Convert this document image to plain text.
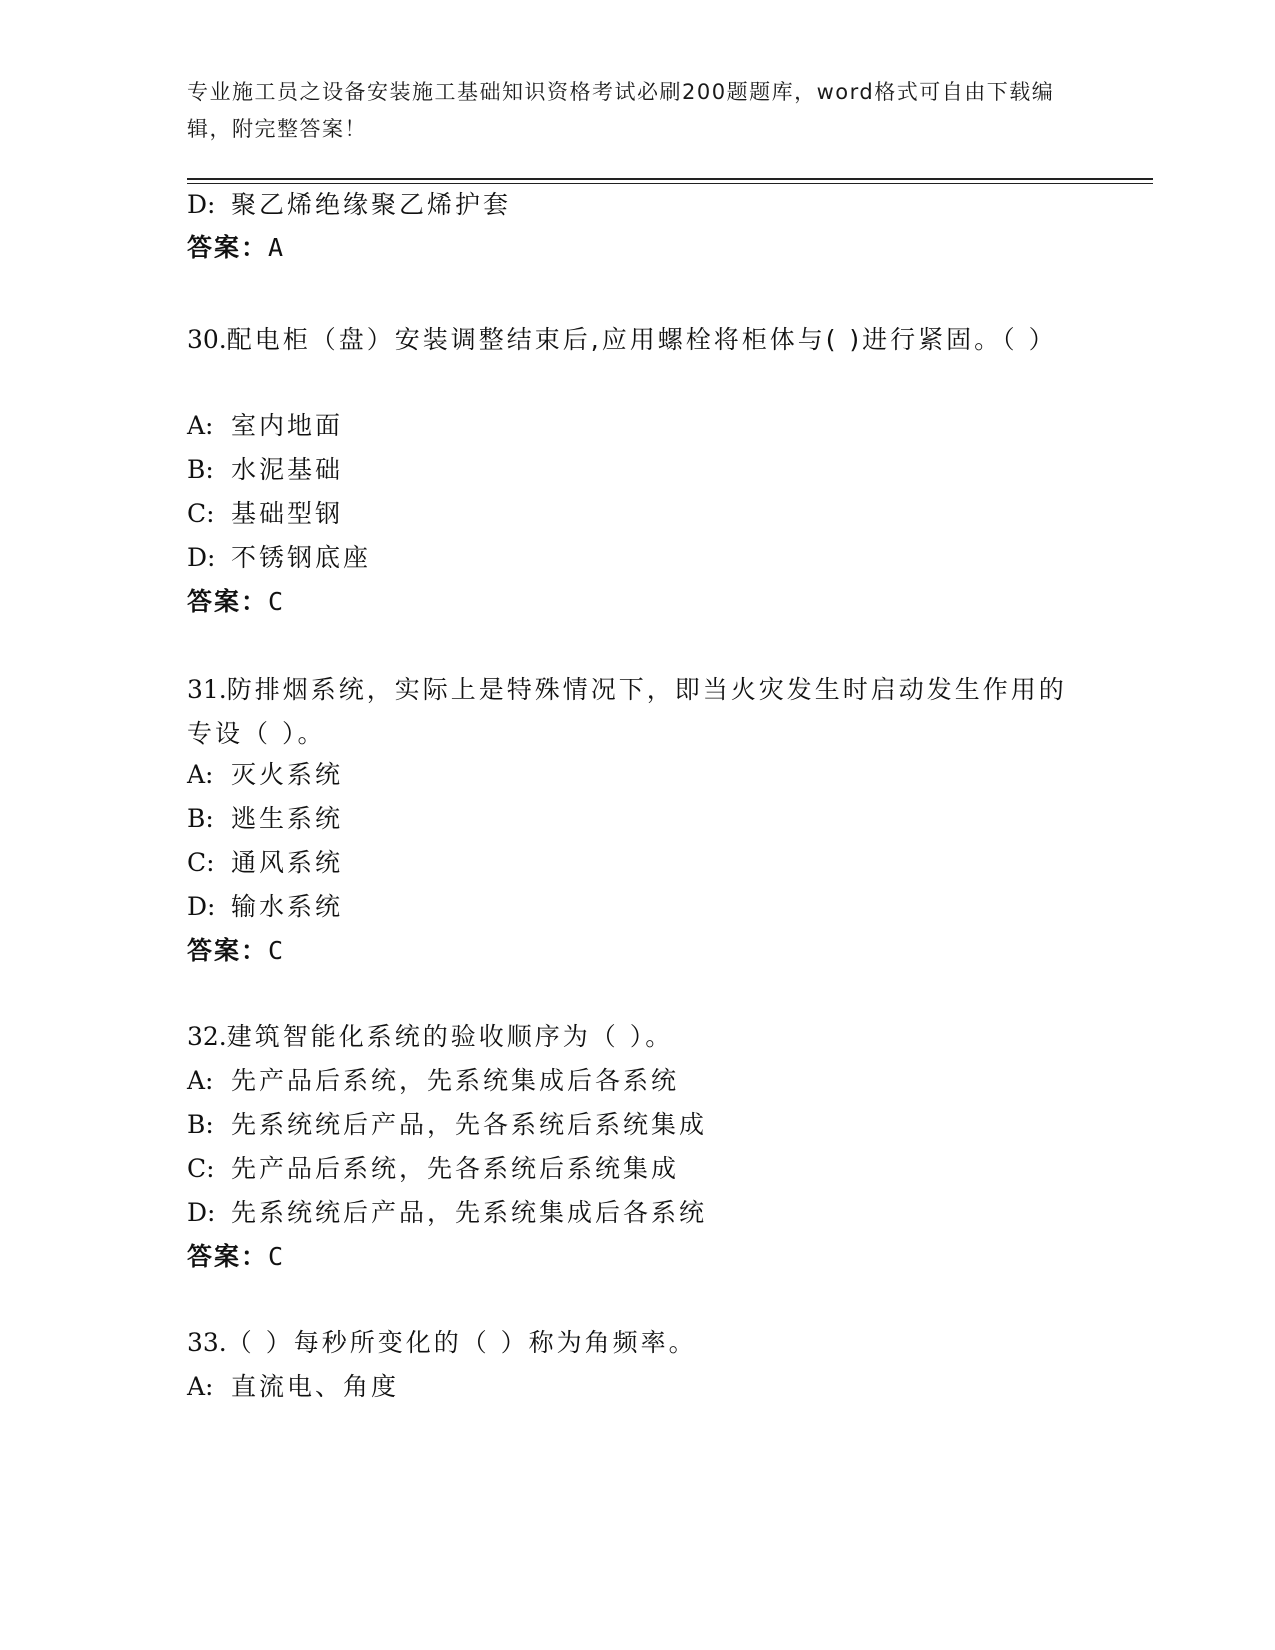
专业施工员之设备安装施工基础知识资格考试必刷200题题库，word格式可自由下载编辑，附完整答案！
D: 聚乙烯绝缘聚乙烯护套
答案：A
30.配电柜（盘）安装调整结束后,应用螺栓将柜体与( )进行紧固。（ ）
A: 室内地面
B: 水泥基础
C: 基础型钢
D: 不锈钢底座
答案：C
31.防排烟系统，实际上是特殊情况下，即当火灾发生时启动发生作用的专设（ ）。
A: 灭火系统
B: 逃生系统
C: 通风系统
D: 输水系统
答案：C
32.建筑智能化系统的验收顺序为（ ）。
A: 先产品后系统，先系统集成后各系统
B: 先系统统后产品，先各系统后系统集成
C: 先产品后系统，先各系统后系统集成
D: 先系统统后产品，先系统集成后各系统
答案：C
33.（ ）每秒所变化的（ ）称为角频率。
A: 直流电、角度
